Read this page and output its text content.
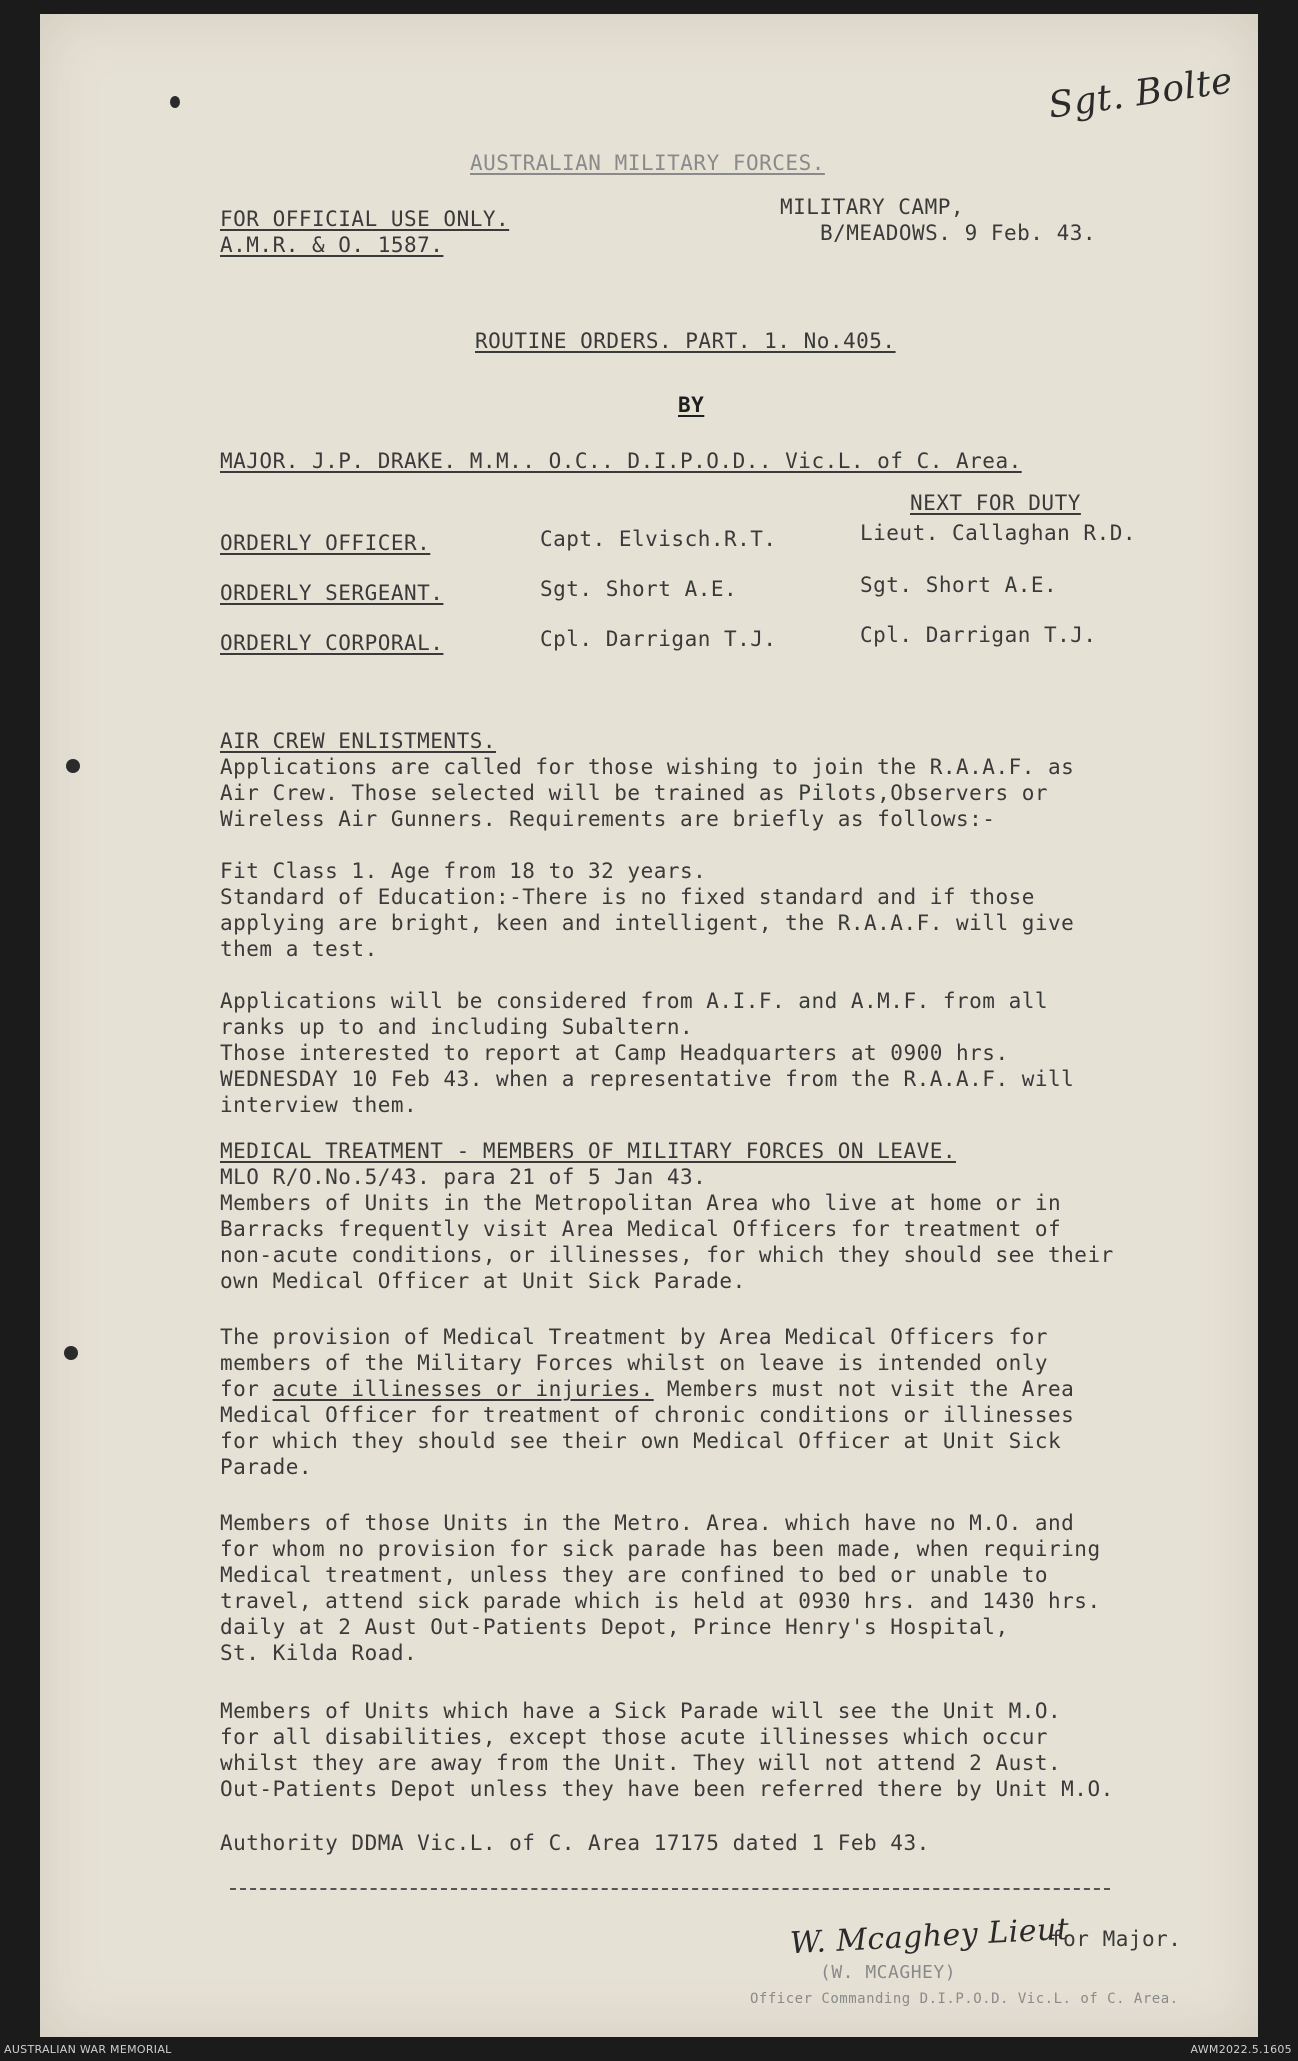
Sgt. Bolte
AUSTRALIAN MILITARY FORCES.
FOR OFFICIAL USE ONLY.
A.M.R. & O. 1587.
MILITARY CAMP,
B/MEADOWS. 9 Feb. 43.
ROUTINE ORDERS. PART. 1. No.405.
BY
MAJOR. J.P. DRAKE. M.M.. O.C.. D.I.P.O.D.. Vic.L. of C. Area.
NEXT FOR DUTY
ORDERLY OFFICER.	Capt. Elvisch.R.T.	Lieut. Callaghan R.D.
ORDERLY SERGEANT.	Sgt. Short A.E.	Sgt. Short A.E.
ORDERLY CORPORAL.	Cpl. Darrigan T.J.	Cpl. Darrigan T.J.
AIR CREW ENLISTMENTS.
Applications are called for those wishing to join the R.A.A.F. as
Air Crew. Those selected will be trained as Pilots,Observers or
Wireless Air Gunners. Requirements are briefly as follows:-
Fit Class 1. Age from 18 to 32 years.
Standard of Education:-There is no fixed standard and if those
applying are bright, keen and intelligent, the R.A.A.F. will give
them a test.
Applications will be considered from A.I.F. and A.M.F. from all
ranks up to and including Subaltern.
Those interested to report at Camp Headquarters at 0900 hrs.
WEDNESDAY 10 Feb 43. when a representative from the R.A.A.F. will
interview them.
MEDICAL TREATMENT - MEMBERS OF MILITARY FORCES ON LEAVE.
MLO R/O.No.5/43. para 21 of 5 Jan 43.
Members of Units in the Metropolitan Area who live at home or in
Barracks frequently visit Area Medical Officers for treatment of
non-acute conditions, or illinesses, for which they should see their
own Medical Officer at Unit Sick Parade.
The provision of Medical Treatment by Area Medical Officers for
members of the Military Forces whilst on leave is intended only
for acute illinesses or injuries. Members must not visit the Area
Medical Officer for treatment of chronic conditions or illinesses
for which they should see their own Medical Officer at Unit Sick
Parade.
Members of those Units in the Metro. Area. which have no M.O. and
for whom no provision for sick parade has been made, when requiring
Medical treatment, unless they are confined to bed or unable to
travel, attend sick parade which is held at 0930 hrs. and 1430 hrs.
daily at 2 Aust Out-Patients Depot, Prince Henry's Hospital,
St. Kilda Road.
Members of Units which have a Sick Parade will see the Unit M.O.
for all disabilities, except those acute illinesses which occur
whilst they are away from the Unit. They will not attend 2 Aust.
Out-Patients Depot unless they have been referred there by Unit M.O.
Authority DDMA Vic.L. of C. Area 17175 dated 1 Feb 43.
W. Mcaghey Lieut
for Major.
(W. MCAGHEY)
Officer Commanding D.I.P.O.D. Vic.L. of C. Area.
AUSTRALIAN WAR MEMORIAL	AWM2022.5.1605
